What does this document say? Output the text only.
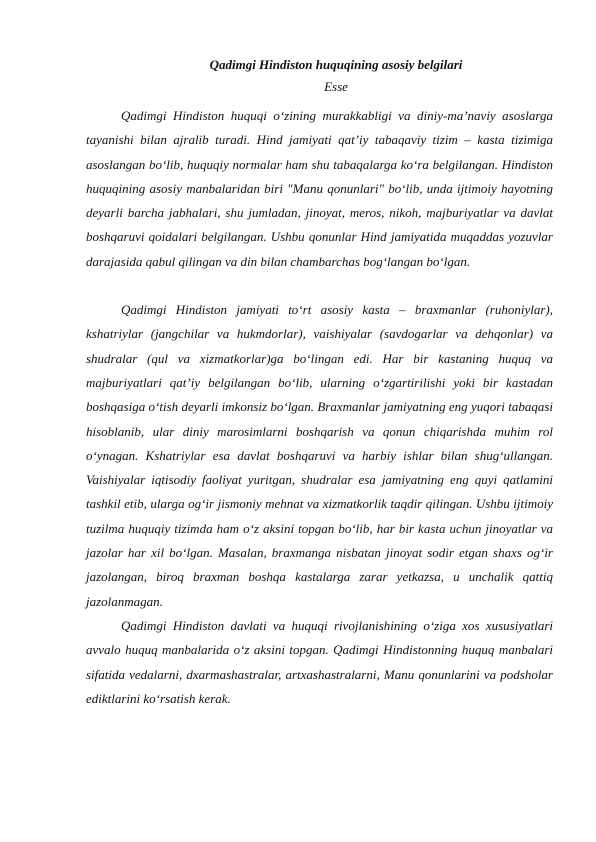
Qadimgi Hindiston huquqining asosiy belgilari
Esse

Qadimgi Hindiston huquqi o‘zining murakkabligi va diniy-ma’naviy asoslarga tayanishi bilan ajralib turadi. Hind jamiyati qat’iy tabaqaviy tizim – kasta tizimiga asoslangan bo‘lib, huquqiy normalar ham shu tabaqalarga ko‘ra belgilangan. Hindiston huquqining asosiy manbalaridan biri "Manu qonunlari" bo‘lib, unda ijtimoiy hayotning deyarli barcha jabhalari, shu jumladan, jinoyat, meros, nikoh, majburiyatlar va davlat boshqaruvi qoidalari belgilangan. Ushbu qonunlar Hind jamiyatida muqaddas yozuvlar darajasida qabul qilingan va din bilan chambarchas bog‘langan bo‘lgan.

Qadimgi Hindiston jamiyati to‘rt asosiy kasta – braxmanlar (ruhoniylar), kshatriylar (jangchilar va hukmdorlar), vaishiyalar (savdogarlar va dehqonlar) va shudralar (qul va xizmatkorlar)ga bo‘lingan edi. Har bir kastaning huquq va majburiyatlari qat’iy belgilangan bo‘lib, ularning o‘zgartirilishi yoki bir kastadan boshqasiga o‘tish deyarli imkonsiz bo‘lgan. Braxmanlar jamiyatning eng yuqori tabaqasi hisoblanib, ular diniy marosimlarni boshqarish va qonun chiqarishda muhim rol o‘ynagan. Kshatriylar esa davlat boshqaruvi va harbiy ishlar bilan shug‘ullangan. Vaishiyalar iqtisodiy faoliyat yuritgan, shudralar esa jamiyatning eng quyi qatlamini tashkil etib, ularga og‘ir jismoniy mehnat va xizmatkorlik taqdir qilingan. Ushbu ijtimoiy tuzilma huquqiy tizimda ham o‘z aksini topgan bo‘lib, har bir kasta uchun jinoyatlar va jazolar har xil bo‘lgan. Masalan, braxmanga nisbatan jinoyat sodir etgan shaxs og‘ir jazolangan, biroq braxman boshqa kastalarga zarar yetkazsa, u unchalik qattiq jazolanmagan.

Qadimgi Hindiston davlati va huquqi rivojlanishining o‘ziga xos xususiyatlari avvalo huquq manbalarida o‘z aksini topgan. Qadimgi Hindistonning huquq manbalari sifatida vedalarni, dxarmashastralar, artxashastralarni, Manu qonunlarini va podsholar ediktlarini ko‘rsatish kerak.
